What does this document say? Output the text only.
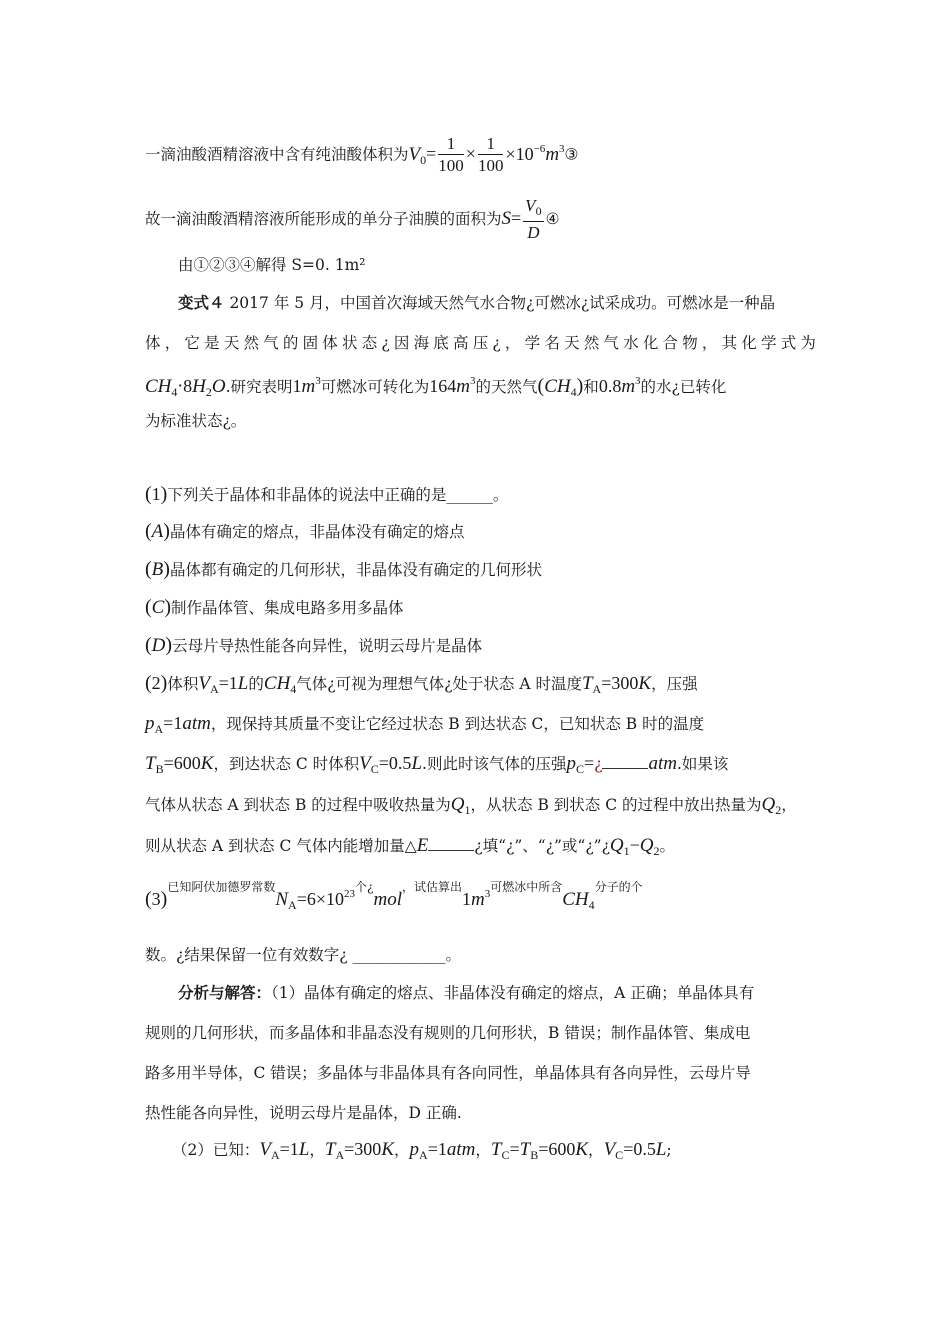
一滴油酸酒精溶液中含有纯油酸体积为$V_0= \frac{1}{100} \times \frac{1}{100}$ $\times 10^{-6}m^3③$
故一滴油酸酒精溶液所能形成的单分子油膜的面积为$S= \frac{V_0}{D}$ ④
由①②③④解得 S=0. 1m²
变式４ 2017 年 5 月，中国首次海域天然气水合物¿可燃冰¿试采成功。可燃冰是一种晶
体，它是天然气的固体状态¿因海底高压¿，学名天然气水化合物，其化学式为
$CH_4\cdot 8H_2O$.研究表明$1m^3$可燃冰可转化为$164m^3$的天然气$(CH_4)$和$0.8m^3$的水¿已转化
为标准状态¿。
(1)下列关于晶体和非晶体的说法中正确的是______。
(A)晶体有确定的熔点，非晶体没有确定的熔点
(B)晶体都有确定的几何形状，非晶体没有确定的几何形状
(C)制作晶体管、集成电路多用多晶体
(D)云母片导热性能各向异性，说明云母片是晶体
(2)体积$V_A=1L$的$CH_4$气体¿可视为理想气体¿处于状态 A 时温度$T_A=300K$，压强
$p_A=1atm$，现保持其质量不变让它经过状态 B 到达状态 C，已知状态 B 时的温度
$T_B=600K$，到达状态 C 时体积$V_C=0.5L$.则此时该气体的压强$p_C=¿$ atm.如果该
气体从状态 A 到状态 B 的过程中吸收热量为$Q_1$，从状态 B 到状态 C 的过程中放出热量为$Q_2$，
则从状态 A 到状态 C 气体内能增加量△E	¿填“¿”、“¿”或“¿$”¿Q_1-Q_2$。
$(3)^{已知阿伏加德罗常数}N_A=6\times 10^{23个¿}mol^{,试估算出}1m^{3可燃冰中所含}CH_4^{分子的个}$
数。¿结果保留一位有效数字¿ ____________。
分析与解答：（1）晶体有确定的熔点、非晶体没有确定的熔点，A 正确；单晶体具有
规则的几何形状，而多晶体和非晶态没有规则的几何形状，B 错误；制作晶体管、集成电
路多用半导体，C 错误；多晶体与非晶体具有各向同性，单晶体具有各向异性，云母片导
热性能各向异性，说明云母片是晶体，D 正确.
（2）已知：$V_A=1L$，$T_A=300K$，$p_A=1atm$，$T_C=T_B=600K$，$V_C=0.5L$;
